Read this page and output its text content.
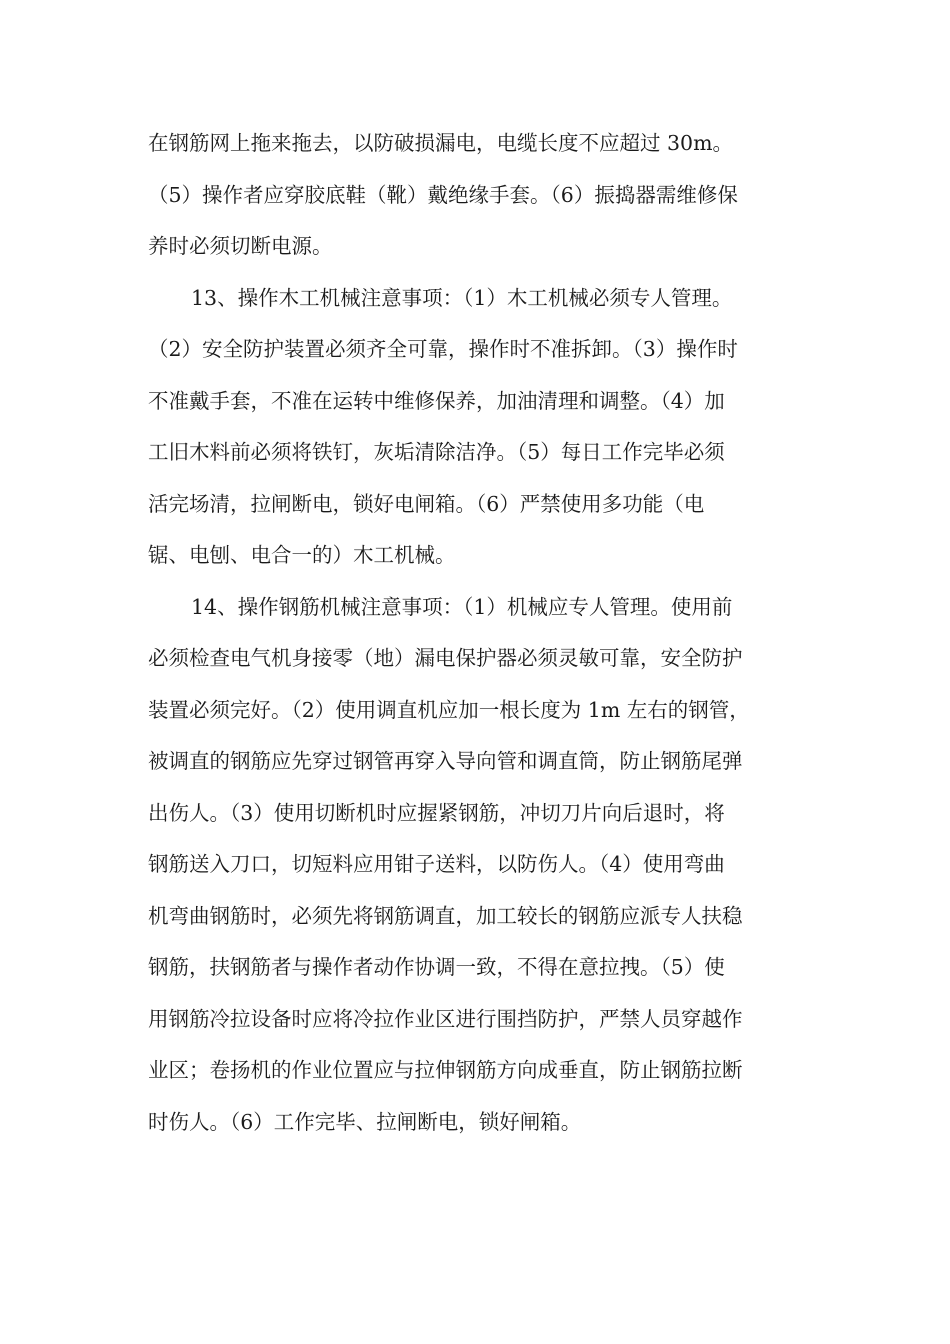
在钢筋网上拖来拖去，以防破损漏电，电缆长度不应超过 30m。
（5）操作者应穿胶底鞋（靴）戴绝缘手套。（6）振捣器需维修保
养时必须切断电源。
13、操作木工机械注意事项：（1）木工机械必须专人管理。
（2）安全防护装置必须齐全可靠，操作时不准拆卸。（3）操作时
不准戴手套，不准在运转中维修保养，加油清理和调整。（4）加
工旧木料前必须将铁钉，灰垢清除洁净。（5）每日工作完毕必须
活完场清，拉闸断电，锁好电闸箱。（6）严禁使用多功能（电
锯、电刨、电合一的）木工机械。
14、操作钢筋机械注意事项：（1）机械应专人管理。使用前
必须检查电气机身接零（地）漏电保护器必须灵敏可靠，安全防护
装置必须完好。（2）使用调直机应加一根长度为 1m 左右的钢管，
被调直的钢筋应先穿过钢管再穿入导向管和调直筒，防止钢筋尾弹
出伤人。（3）使用切断机时应握紧钢筋，冲切刀片向后退时，将
钢筋送入刀口，切短料应用钳子送料，以防伤人。（4）使用弯曲
机弯曲钢筋时，必须先将钢筋调直，加工较长的钢筋应派专人扶稳
钢筋，扶钢筋者与操作者动作协调一致，不得在意拉拽。（5）使
用钢筋冷拉设备时应将冷拉作业区进行围挡防护，严禁人员穿越作
业区；卷扬机的作业位置应与拉伸钢筋方向成垂直，防止钢筋拉断
时伤人。（6）工作完毕、拉闸断电，锁好闸箱。
